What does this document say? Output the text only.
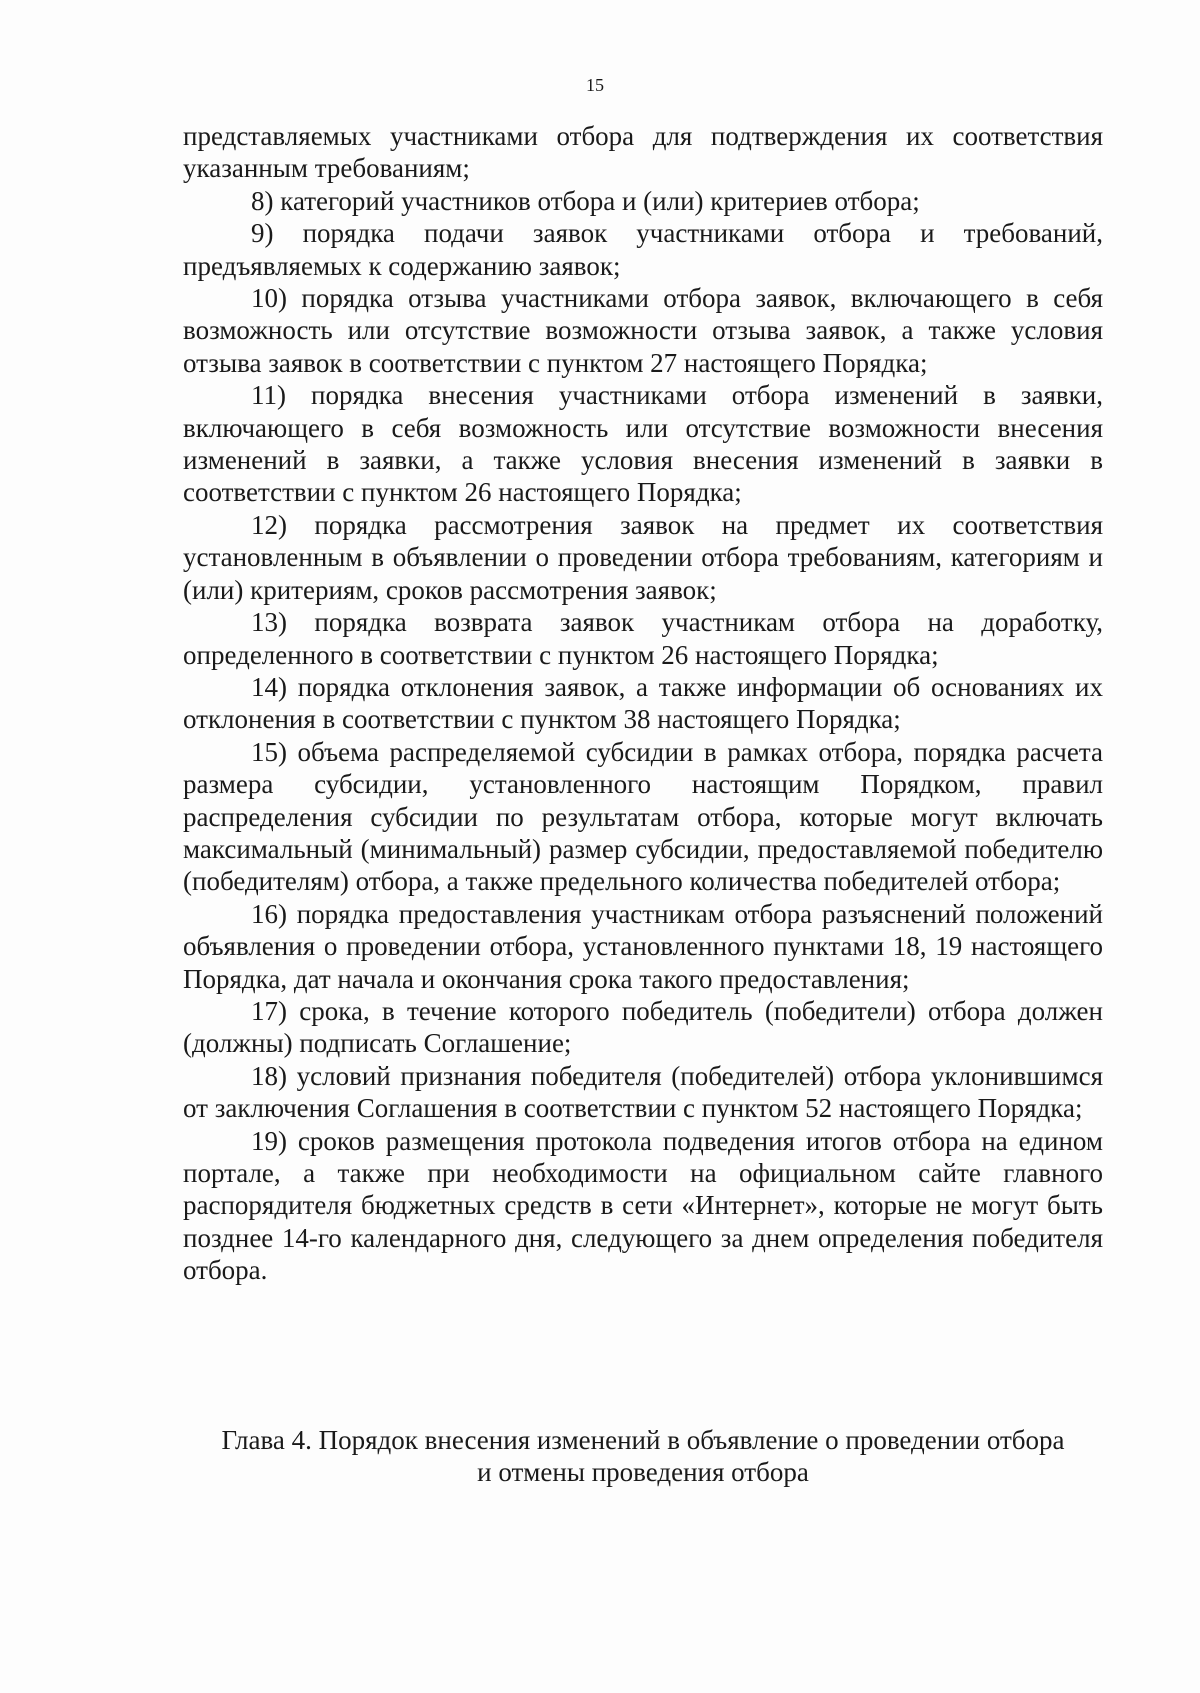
15

представляемых участниками отбора для подтверждения их соответствия указанным требованиям;

8) категорий участников отбора и (или) критериев отбора;

9) порядка подачи заявок участниками отбора и требований, предъявляемых к содержанию заявок;

10) порядка отзыва участниками отбора заявок, включающего в себя возможность или отсутствие возможности отзыва заявок, а также условия отзыва заявок в соответствии с пунктом 27 настоящего Порядка;

11) порядка внесения участниками отбора изменений в заявки, включающего в себя возможность или отсутствие возможности внесения изменений в заявки, а также условия внесения изменений в заявки в соответствии с пунктом 26 настоящего Порядка;

12) порядка рассмотрения заявок на предмет их соответствия установленным в объявлении о проведении отбора требованиям, категориям и (или) критериям, сроков рассмотрения заявок;

13) порядка возврата заявок участникам отбора на доработку, определенного в соответствии с пунктом 26 настоящего Порядка;

14) порядка отклонения заявок, а также информации об основаниях их отклонения в соответствии с пунктом 38 настоящего Порядка;

15) объема распределяемой субсидии в рамках отбора, порядка расчета размера субсидии, установленного настоящим Порядком, правил распределения субсидии по результатам отбора, которые могут включать максимальный (минимальный) размер субсидии, предоставляемой победителю (победителям) отбора, а также предельного количества победителей отбора;

16) порядка предоставления участникам отбора разъяснений положений объявления о проведении отбора, установленного пунктами 18, 19 настоящего Порядка, дат начала и окончания срока такого предоставления;

17) срока, в течение которого победитель (победители) отбора должен (должны) подписать Соглашение;

18) условий признания победителя (победителей) отбора уклонившимся от заключения Соглашения в соответствии с пунктом 52 настоящего Порядка;

19) сроков размещения протокола подведения итогов отбора на едином портале, а также при необходимости на официальном сайте главного распорядителя бюджетных средств в сети «Интернет», которые не могут быть позднее 14-го календарного дня, следующего за днем определения победителя отбора.

Глава 4. Порядок внесения изменений в объявление о проведении отбора
и отмены проведения отбора
